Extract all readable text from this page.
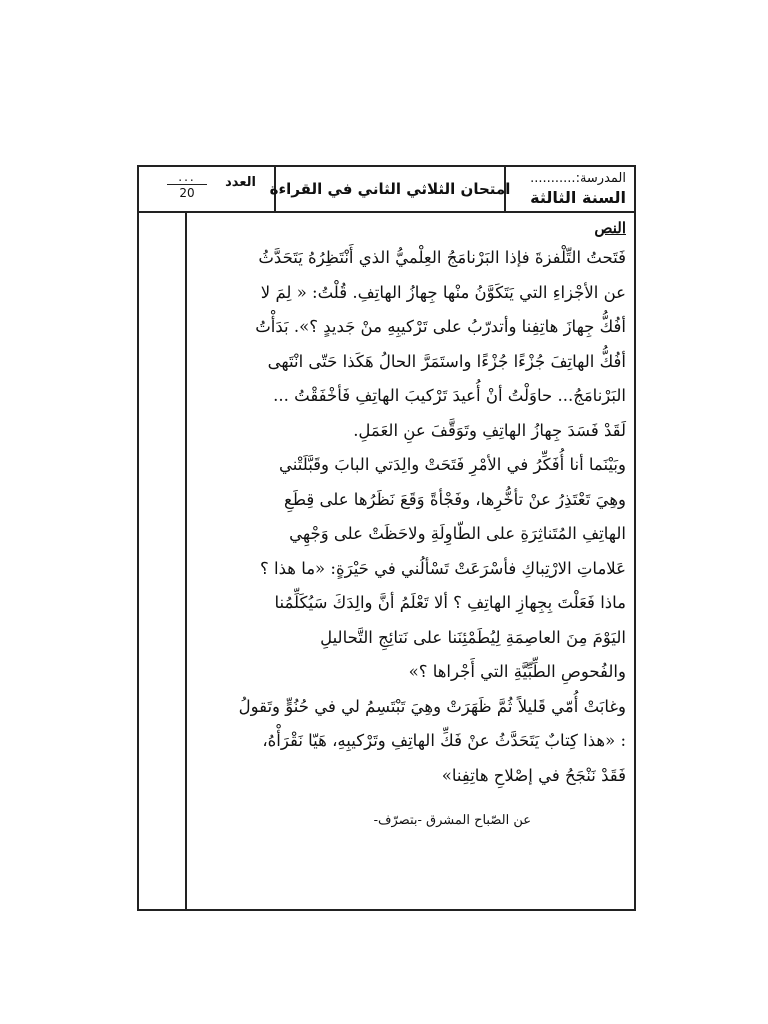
المدرسة:...........
السنة الثالثة
امتحان الثلاثي الثاني في القراءة
العدد
...
20
النص

فَتَحتُ التِّلْفزةَ فإذا البَرْنامَجُ العِلْميُّ الذي أَنْتَظِرُهُ يَتَحَدَّثُ

عن الأجْزاءِ التي يَتَكَوَّنُ منْها جِهازُ الهاتِفِ. قُلْتُ: « لِمَ لا

أفُكُّ جِهازَ هاتِفِنا وأتدرّبُ على تَرْكيبِهِ منْ جَديدٍ ؟». بَدَأْتُ

أفُكُّ الهاتِفَ جُزْءًا جُزْءًا واستَمَرَّ الحالُ هَكَذا حَتّى انْتَهى

البَرْنامَجُ... حاوَلْتُ أنْ أُعيدَ تَرْكيبَ الهاتِفِ فَأخْفَقْتُ ...

لَقَدْ فَسَدَ جِهازُ الهاتِفِ وتَوَقَّفَ عنِ العَمَلِ.

وبَيْنَما أنا أُفَكِّرُ في الأمْرِ فَتَحَتْ والِدَتي البابَ وقَبَّلَتْني

وهِيَ تَعْتَذِرُ عنْ تأخُّرِها، وفَجْأةً وَقَعَ نَظَرُها على قِطَعِ

الهاتِفِ المُتَناثِرَةِ على الطّاوِلَةِ ولاحَظَتْ على وَجْهِي

عَلاماتِ الارْتِباكِ فأسْرَعَتْ تَسْألُني في حَيْرَةٍ: «ما هذا ؟

ماذا فَعَلْتَ بِجِهازِ الهاتِفِ ؟ ألا تَعْلَمُ أنَّ والِدَكَ سَيُكَلِّمُنا

اليَوْمَ مِنَ العاصِمَةِ لِيُطَمْئِنَنا على نَتائِجِ التَّحاليلِ

والفُحوصِ الطِّبِّيَّةِ التي أَجْراها ؟»

وغابَتْ أُمّي قَليلاً ثُمَّ ظَهَرَتْ وهِيَ تَبْتَسِمُ لي في حُنُوٍّ وتَقولُ

: «هذا كِتابٌ يَتَحَدَّثُ عنْ فَكِّ الهاتِفِ وتَرْكيبِهِ، هَيّا نَقْرَأْهُ،

فَقَدْ نَنْجَحُ في إصْلاحِ هاتِفِنا»

عن الصّباح المشرق -بتصرّف-
